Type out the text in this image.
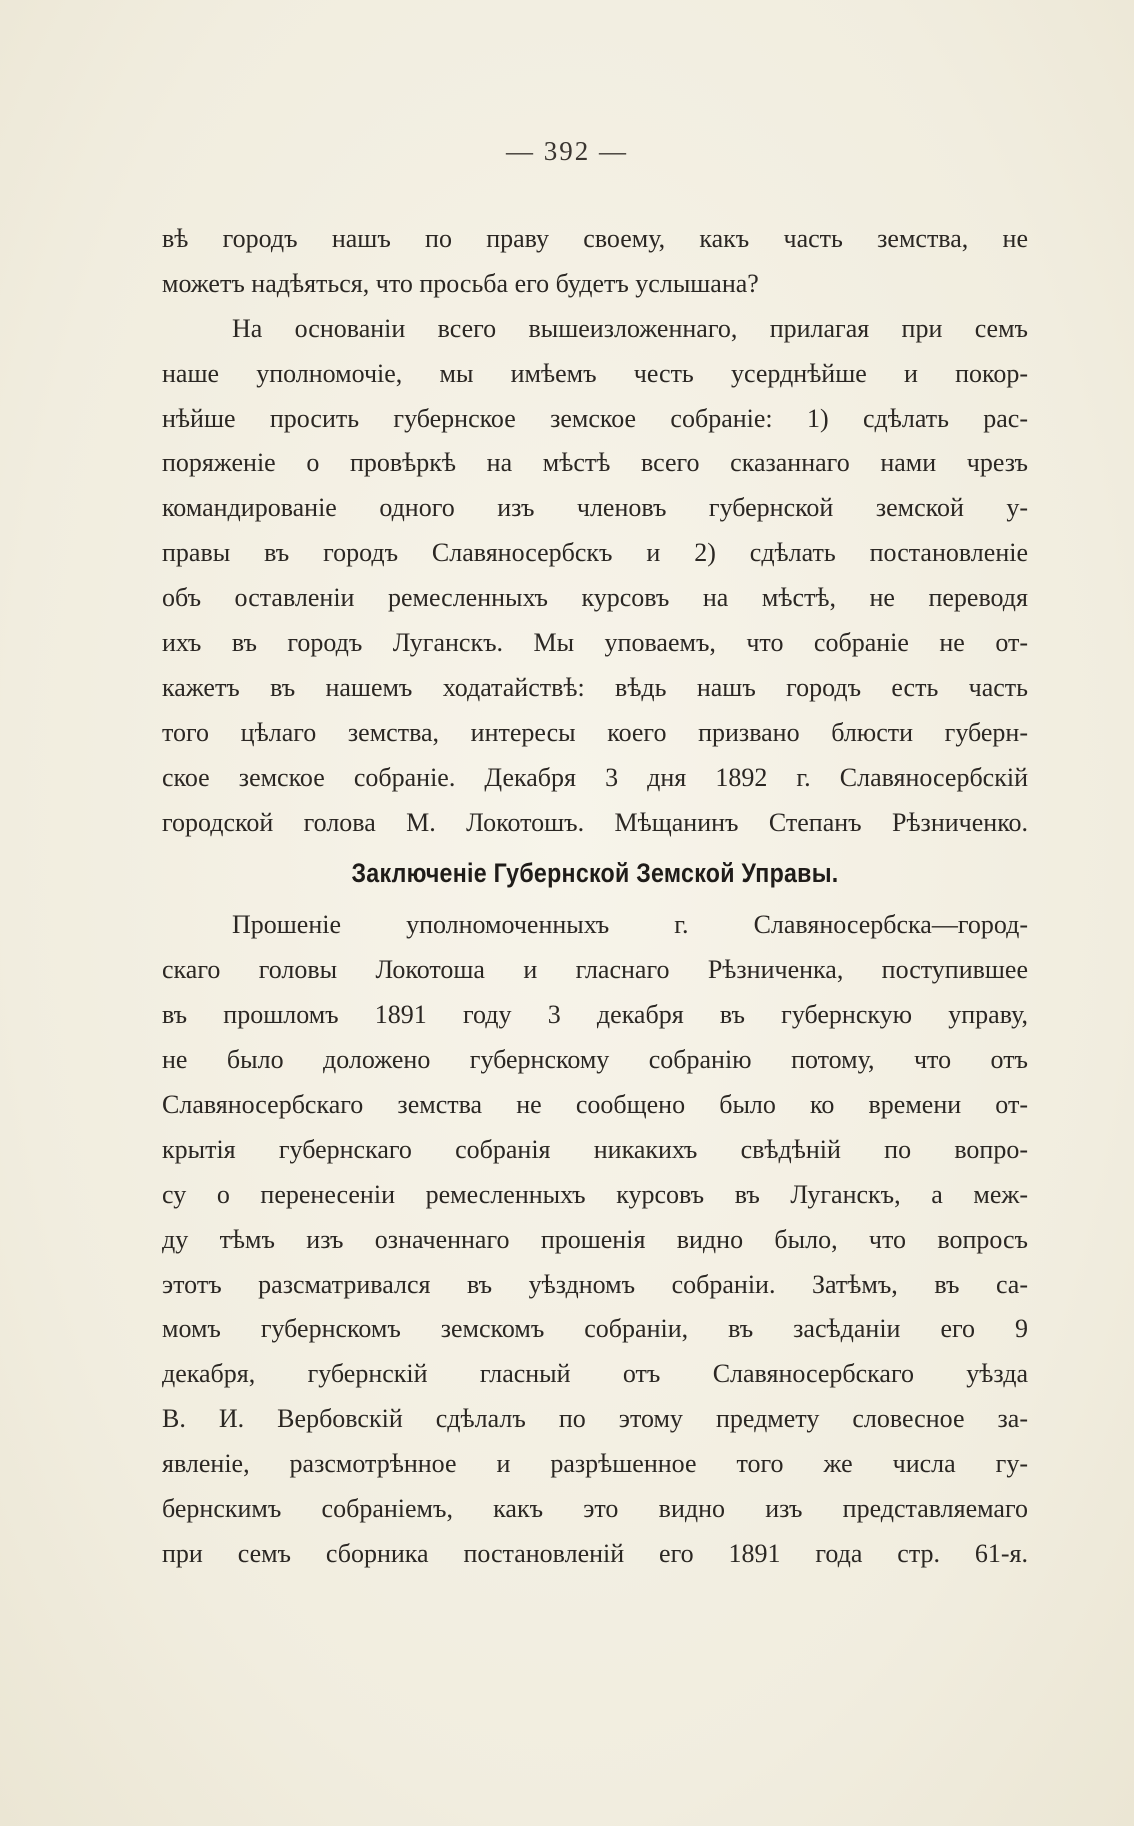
— 392 —
вѣ городъ нашъ по праву своему, какъ часть земства, не
можетъ надѣяться, что просьба его будетъ услышана?
На основаніи всего вышеизложеннаго, прилагая при семъ
наше уполномочіе, мы имѣемъ честь усерднѣйше и покор-
нѣйше просить губернское земское собраніе: 1) сдѣлать рас-
поряженіе о провѣркѣ на мѣстѣ всего сказаннаго нами чрезъ
командированіе одного изъ членовъ губернской земской у-
правы въ городъ Славяносербскъ и 2) сдѣлать постановленіе
объ оставленіи ремесленныхъ курсовъ на мѣстѣ, не переводя
ихъ въ городъ Луганскъ. Мы уповаемъ, что собраніе не от-
кажетъ въ нашемъ ходатайствѣ: вѣдь нашъ городъ есть часть
того цѣлаго земства, интересы коего призвано блюсти губерн-
ское земское собраніе. Декабря 3 дня 1892 г. Славяносербскій
городской голова М. Локотошъ. Мѣщанинъ Степанъ Рѣзниченко.
Заключеніе Губернской Земской Управы.
Прошеніе уполномоченныхъ г. Славяносербска—город-
скаго головы Локотоша и гласнаго Рѣзниченка, поступившее
въ прошломъ 1891 году 3 декабря въ губернскую управу,
не было доложено губернскому собранію потому, что отъ
Славяносербскаго земства не сообщено было ко времени от-
крытія губернскаго собранія никакихъ свѣдѣній по вопро-
су о перенесеніи ремесленныхъ курсовъ въ Луганскъ, а меж-
ду тѣмъ изъ означеннаго прошенія видно было, что вопросъ
этотъ разсматривался въ уѣздномъ собраніи. Затѣмъ, въ са-
момъ губернскомъ земскомъ собраніи, въ засѣданіи его 9
декабря, губернскій гласный отъ Славяносербскаго уѣзда
В. И. Вербовскій сдѣлалъ по этому предмету словесное за-
явленіе, разсмотрѣнное и разрѣшенное того же числа гу-
бернскимъ собраніемъ, какъ это видно изъ представляемаго
при семъ сборника постановленій его 1891 года стр. 61-я.
